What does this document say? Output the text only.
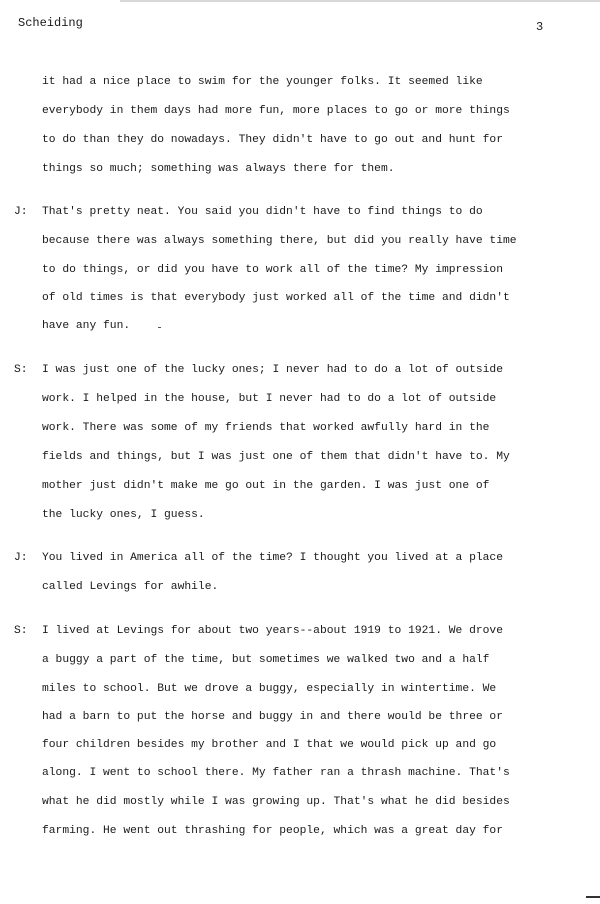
Scheiding	3
it had a nice place to swim for the younger folks. It seemed like
everybody in them days had more fun, more places to go or more things
to do than they do nowadays. They didn't have to go out and hunt for
things so much; something was always there for them.
J: That's pretty neat. You said you didn't have to find things to do
because there was always something there, but did you really have time
to do things, or did you have to work all of the time? My impression
of old times is that everybody just worked all of the time and didn't
have any fun.
S: I was just one of the lucky ones; I never had to do a lot of outside
work. I helped in the house, but I never had to do a lot of outside
work. There was some of my friends that worked awfully hard in the
fields and things, but I was just one of them that didn't have to. My
mother just didn't make me go out in the garden. I was just one of
the lucky ones, I guess.
J: You lived in America all of the time? I thought you lived at a place
called Levings for awhile.
S: I lived at Levings for about two years--about 1919 to 1921. We drove
a buggy a part of the time, but sometimes we walked two and a half
miles to school. But we drove a buggy, especially in wintertime. We
had a barn to put the horse and buggy in and there would be three or
four children besides my brother and I that we would pick up and go
along. I went to school there. My father ran a thrash machine. That's
what he did mostly while I was growing up. That's what he did besides
farming. He went out thrashing for people, which was a great day for
